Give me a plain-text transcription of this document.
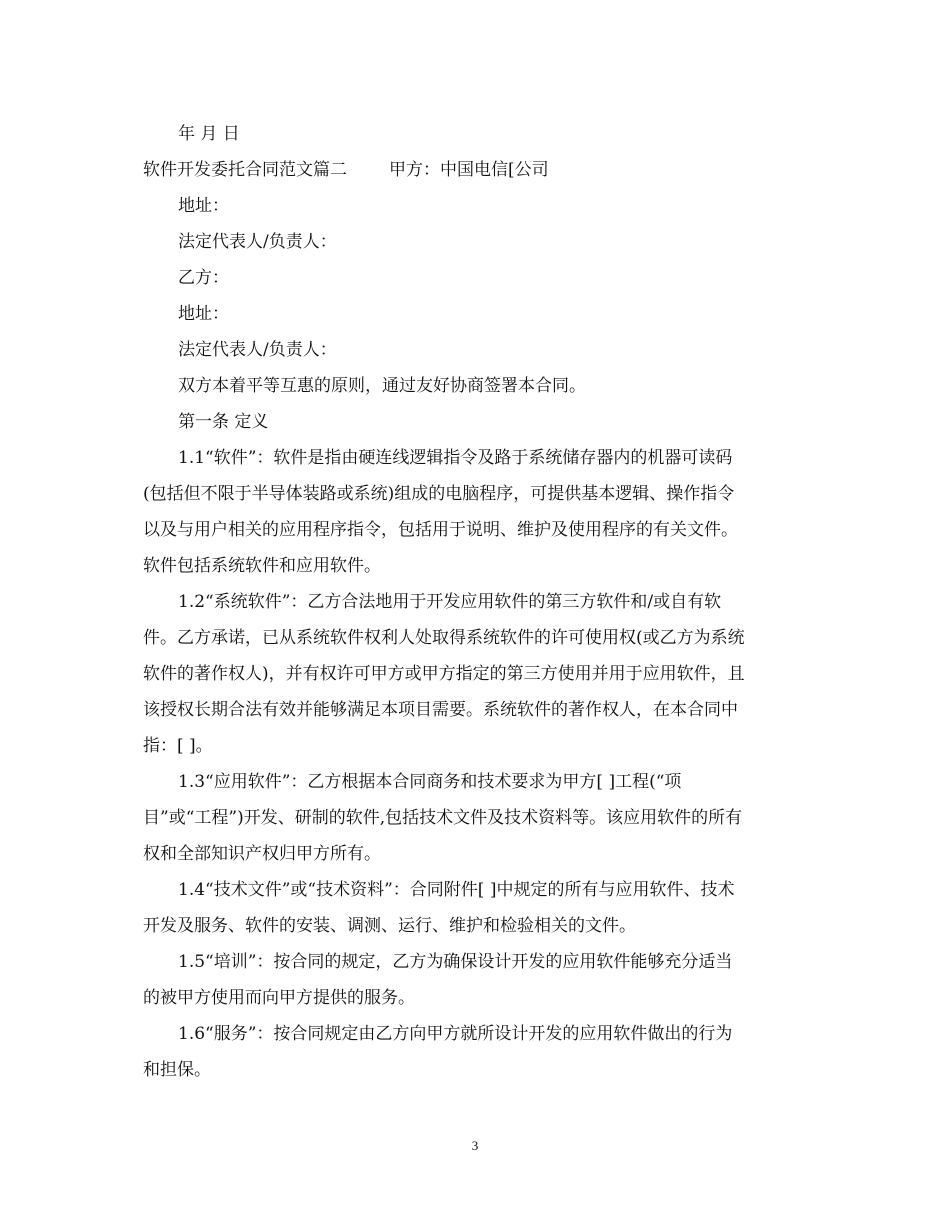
年 月 日
软件开发委托合同范文篇二 甲方：中国电信[公司
地址：
法定代表人/负责人：
乙方：
地址：
法定代表人/负责人：
双方本着平等互惠的原则，通过友好协商签署本合同。
第一条 定义
1.1“软件”：软件是指由硬连线逻辑指令及路于系统储存器内的机器可读码
(包括但不限于半导体装路或系统)组成的电脑程序，可提供基本逻辑、操作指令
以及与用户相关的应用程序指令，包括用于说明、维护及使用程序的有关文件。
软件包括系统软件和应用软件。
1.2“系统软件”：乙方合法地用于开发应用软件的第三方软件和/或自有软
件。乙方承诺，已从系统软件权利人处取得系统软件的许可使用权(或乙方为系统
软件的著作权人)，并有权许可甲方或甲方指定的第三方使用并用于应用软件，且
该授权长期合法有效并能够满足本项目需要。系统软件的著作权人，在本合同中
指：[ ]。
1.3“应用软件”：乙方根据本合同商务和技术要求为甲方[ ]工程(“项
目”或“工程”)开发、研制的软件,包括技术文件及技术资料等。该应用软件的所有
权和全部知识产权归甲方所有。
1.4“技术文件”或“技术资料”：合同附件[ ]中规定的所有与应用软件、技术
开发及服务、软件的安装、调测、运行、维护和检验相关的文件。
1.5“培训”：按合同的规定，乙方为确保设计开发的应用软件能够充分适当
的被甲方使用而向甲方提供的服务。
1.6“服务”：按合同规定由乙方向甲方就所设计开发的应用软件做出的行为
和担保。
3
